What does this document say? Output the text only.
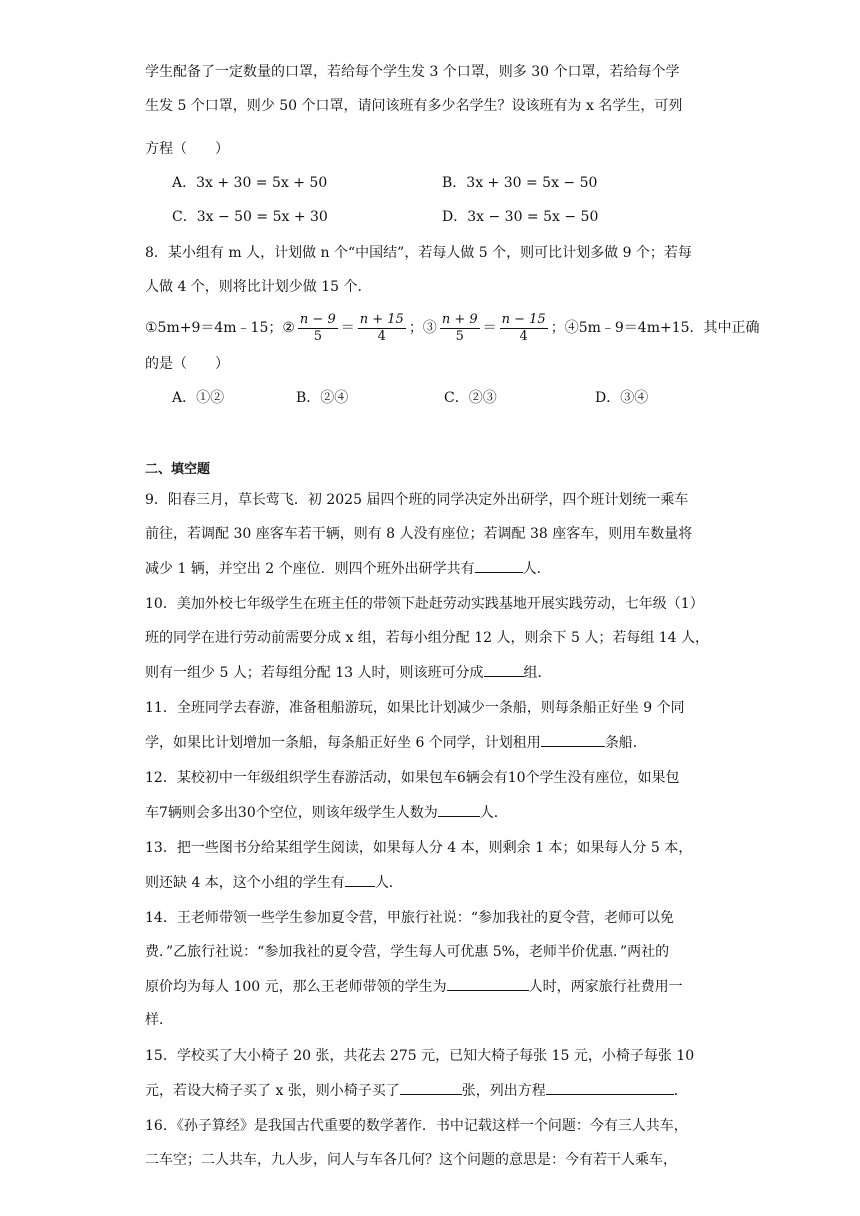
学生配备了一定数量的口罩，若给每个学生发 3 个口罩，则多 30 个口罩，若给每个学
生发 5 个口罩，则少 50 个口罩，请问该班有多少名学生？设该班有为 x 名学生，可列
方程（　　）
A．3x + 30 = 5x + 50	B．3x + 30 = 5x − 50
C．3x − 50 = 5x + 30	D．3x − 30 = 5x − 50
8．某小组有 m 人，计划做 n 个“中国结”，若每人做 5 个，则可比计划多做 9 个；若每
人做 4 个，则将比计划少做 15 个．
①5m+9＝4m﹣15；② $\frac{n - 9}{5} = \frac{n + 15}{4}$ ；③ $\frac{n + 9}{5} = \frac{n - 15}{4}$ ；④5m﹣9＝4m+15．其中正确
的是（　　）
A．①②	B．②④	C．②③	D．③④
二、填空题
9．阳春三月，草长莺飞．初 2025 届四个班的同学决定外出研学，四个班计划统一乘车
前往，若调配 30 座客车若干辆，则有 8 人没有座位；若调配 38 座客车，则用车数量将
减少 1 辆，并空出 2 个座位．则四个班外出研学共有	人．
10．美加外校七年级学生在班主任的带领下赴赶劳动实践基地开展实践劳动，七年级（1）
班的同学在进行劳动前需要分成 x 组，若每小组分配 12 人，则余下 5 人；若每组 14 人，
则有一组少 5 人；若每组分配 13 人时，则该班可分成	组．
11．全班同学去春游，准备租船游玩，如果比计划减少一条船，则每条船正好坐 9 个同
学，如果比计划增加一条船，每条船正好坐 6 个同学，计划租用	条船．
12．某校初中一年级组织学生春游活动，如果包车6辆会有10个学生没有座位，如果包
车7辆则会多出30个空位，则该年级学生人数为	人．
13．把一些图书分给某组学生阅读，如果每人分 4 本，则剩余 1 本；如果每人分 5 本，
则还缺 4 本，这个小组的学生有 人．
14．王老师带领一些学生参加夏令营，甲旅行社说：“参加我社的夏令营，老师可以免
费．”乙旅行社说：“参加我社的夏令营，学生每人可优惠 5%，老师半价优惠．”两社的
原价均为每人 100 元，那么王老师带领的学生为	人时，两家旅行社费用一
样．
15．学校买了大小椅子 20 张，共花去 275 元，已知大椅子每张 15 元，小椅子每张 10
元，若设大椅子买了 x 张，则小椅子买了	张，列出方程	．
16．《孙子算经》是我国古代重要的数学著作．书中记载这样一个问题：今有三人共车，
二车空；二人共车，九人步，问人与车各几何？这个问题的意思是：今有若干人乘车，
